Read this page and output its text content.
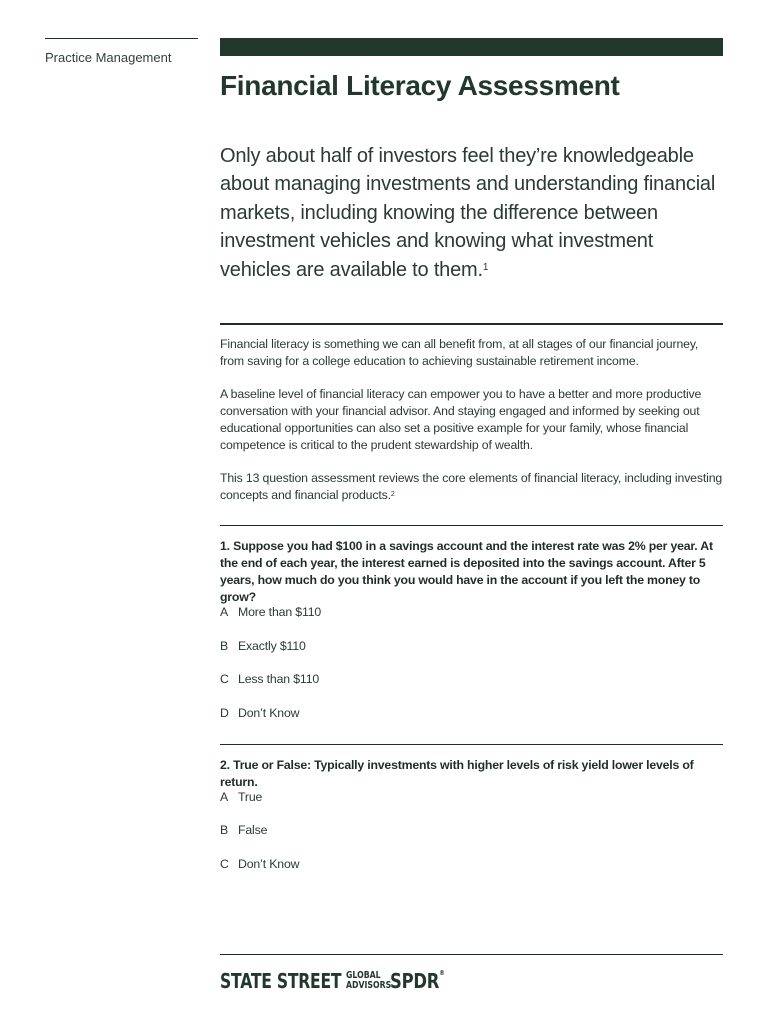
Practice Management
Financial Literacy Assessment
Only about half of investors feel they’re knowledgeable about managing investments and understanding financial markets, including knowing the difference between investment vehicles and knowing what investment vehicles are available to them.$^1$

Financial literacy is something we can all benefit from, at all stages of our financial journey, from saving for a college education to achieving sustainable retirement income.

A baseline level of financial literacy can empower you to have a better and more productive conversation with your financial advisor. And staying engaged and informed by seeking out educational opportunities can also set a positive example for your family, whose financial competence is critical to the prudent stewardship of wealth.

This 13 question assessment reviews the core elements of financial literacy, including investing concepts and financial products.$^2$

1. Suppose you had $100 in a savings account and the interest rate was 2% per year. At the end of each year, the interest earned is deposited into the savings account. After 5 years, how much do you think you would have in the account if you left the money to grow?

A More than $110
B Exactly $110
C Less than $110
D Don’t Know

2. True or False: Typically investments with higher levels of risk yield lower levels of return.

A True
B False
C Don’t Know
STATE STREET GLOBAL
ADVISORS
SPDR®
